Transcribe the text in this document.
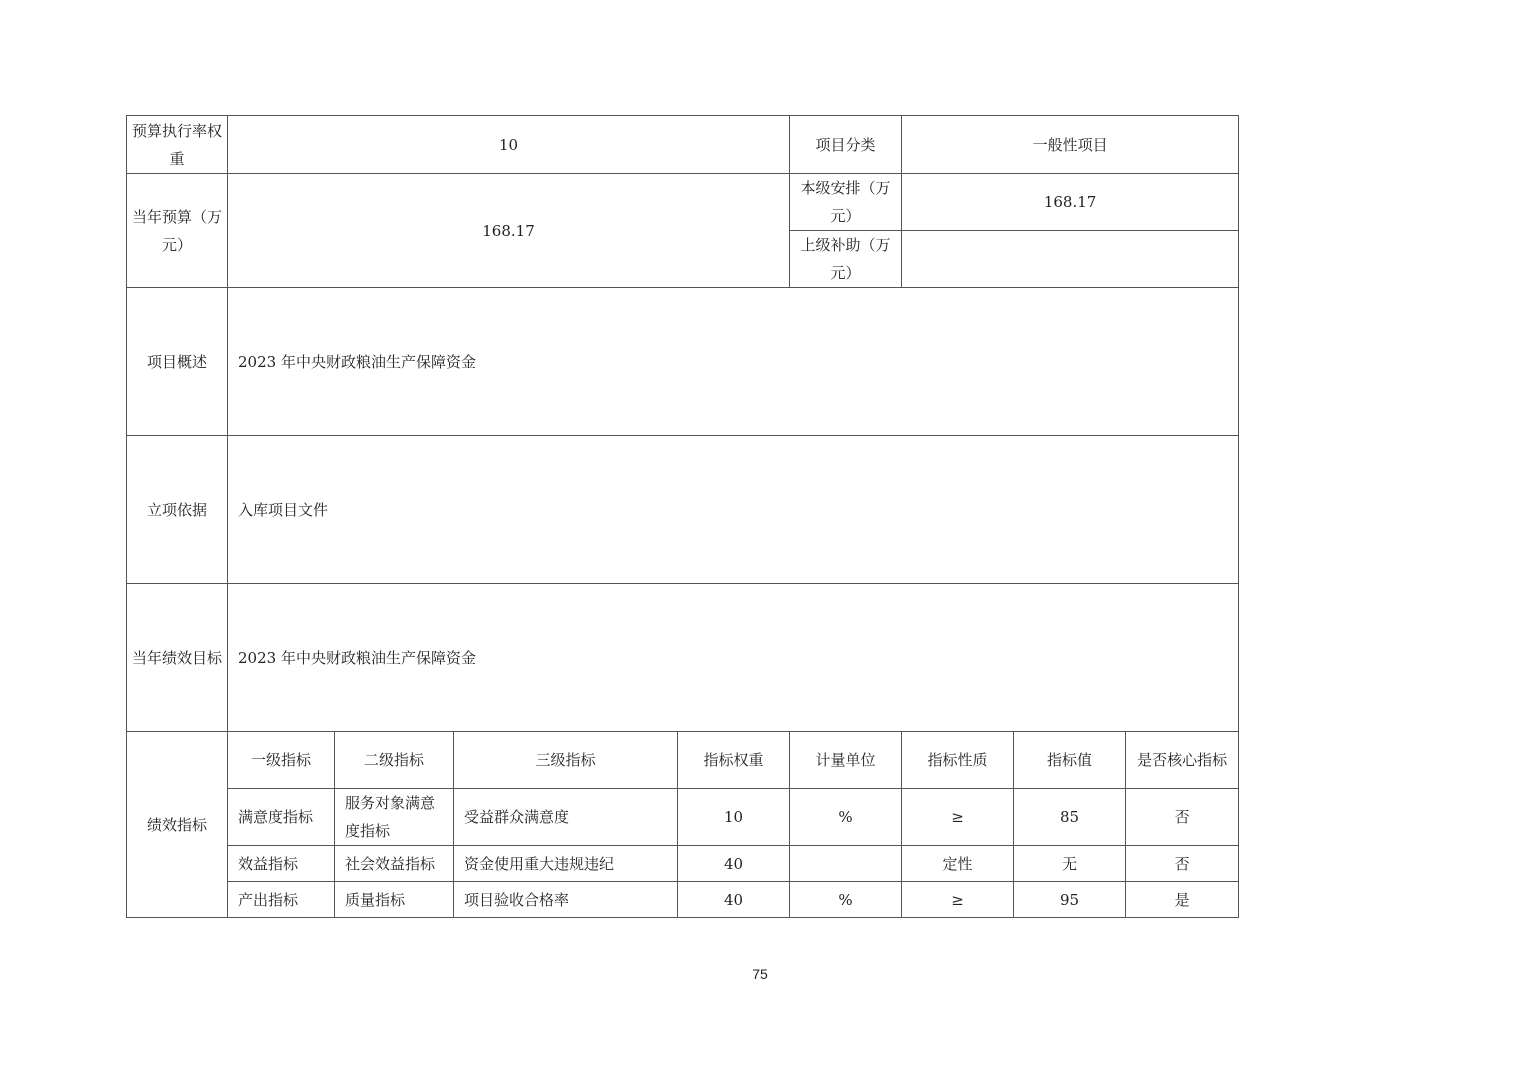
预算执行率权重	10				项目分类	一般性项目		
当年预算（万元）	168.17				本级安排（万元）	168.17		
					上级补助（万元）			
项目概述	2023 年中央财政粮油生产保障资金							
立项依据	入库项目文件							
当年绩效目标	2023 年中央财政粮油生产保障资金							
绩效指标	一级指标	二级指标	三级指标	指标权重	计量单位	指标性质	指标值	是否核心指标
	满意度指标	服务对象满意度指标	受益群众满意度	10	%	≥	85	否
	效益指标	社会效益指标	资金使用重大违规违纪	40		定性	无	否
	产出指标	质量指标	项目验收合格率	40	%	≥	95	是
75
